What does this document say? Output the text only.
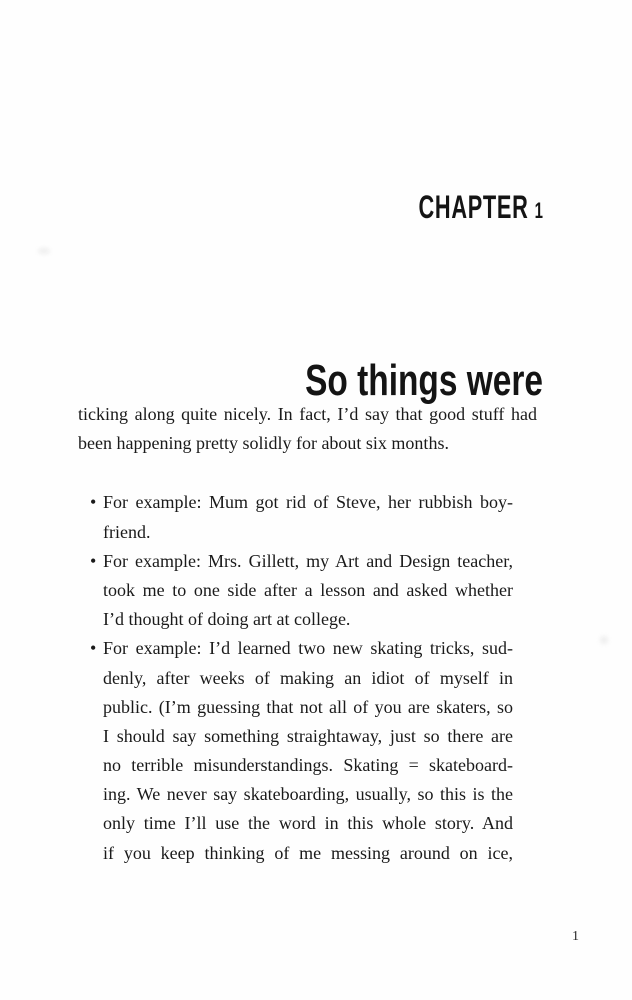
CHAPTER 1
So things were
ticking along quite nicely. In fact, I’d say that good stuff had
been happening pretty solidly for about six months.
• For example: Mum got rid of Steve, her rubbish boy-
friend.
• For example: Mrs. Gillett, my Art and Design teacher,
took me to one side after a lesson and asked whether
I’d thought of doing art at college.
• For example: I’d learned two new skating tricks, sud-
denly, after weeks of making an idiot of myself in
public. (I’m guessing that not all of you are skaters, so
I should say something straightaway, just so there are
no terrible misunderstandings. Skating = skateboard-
ing. We never say skateboarding, usually, so this is the
only time I’ll use the word in this whole story. And
if you keep thinking of me messing around on ice,
1
